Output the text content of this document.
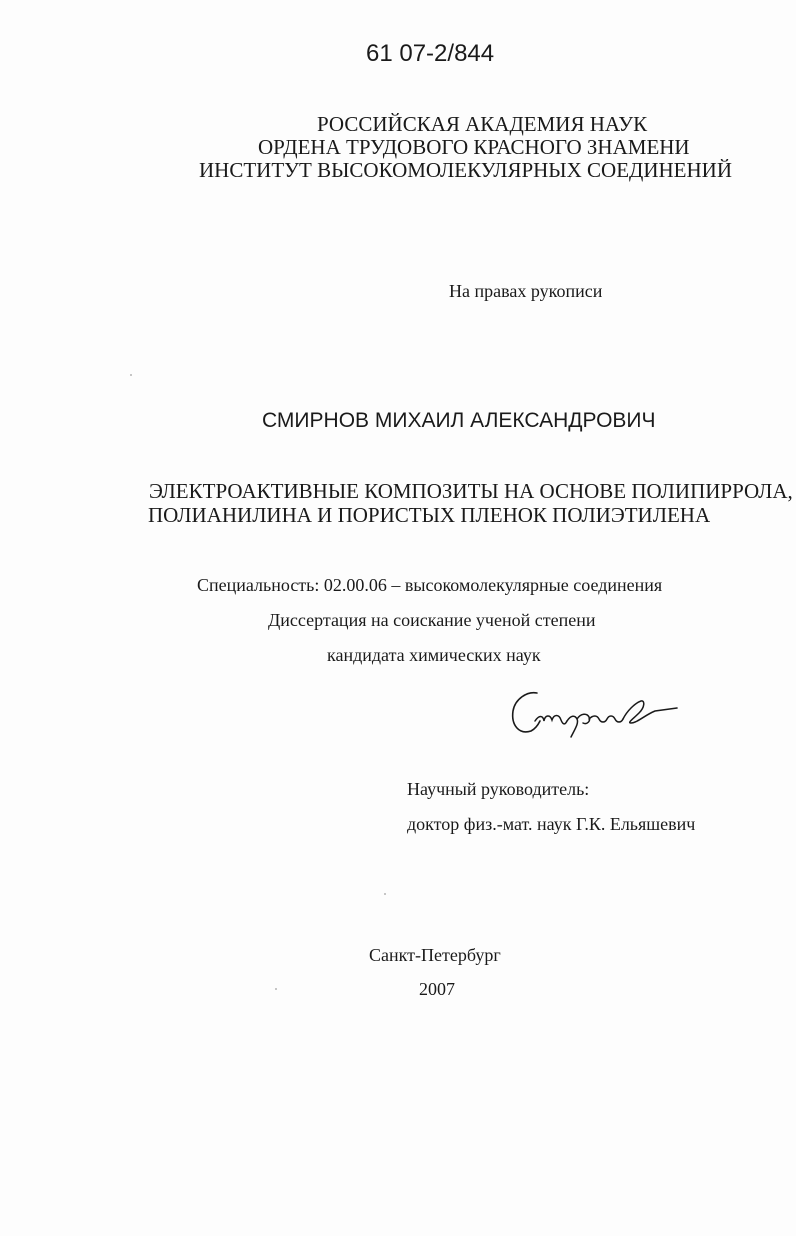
61 07-2/844
РОССИЙСКАЯ АКАДЕМИЯ НАУК
ОРДЕНА ТРУДОВОГО КРАСНОГО ЗНАМЕНИ
ИНСТИТУТ ВЫСОКОМОЛЕКУЛЯРНЫХ СОЕДИНЕНИЙ
На правах рукописи
СМИРНОВ МИХАИЛ АЛЕКСАНДРОВИЧ
ЭЛЕКТРОАКТИВНЫЕ КОМПОЗИТЫ НА ОСНОВЕ ПОЛИПИРРОЛА,
ПОЛИАНИЛИНА И ПОРИСТЫХ ПЛЕНОК ПОЛИЭТИЛЕНА
Специальность: 02.00.06 – высокомолекулярные соединения
Диссертация на соискание ученой степени
кандидата химических наук
Научный руководитель:
доктор физ.-мат. наук Г.К. Ельяшевич
Санкт-Петербург
2007
